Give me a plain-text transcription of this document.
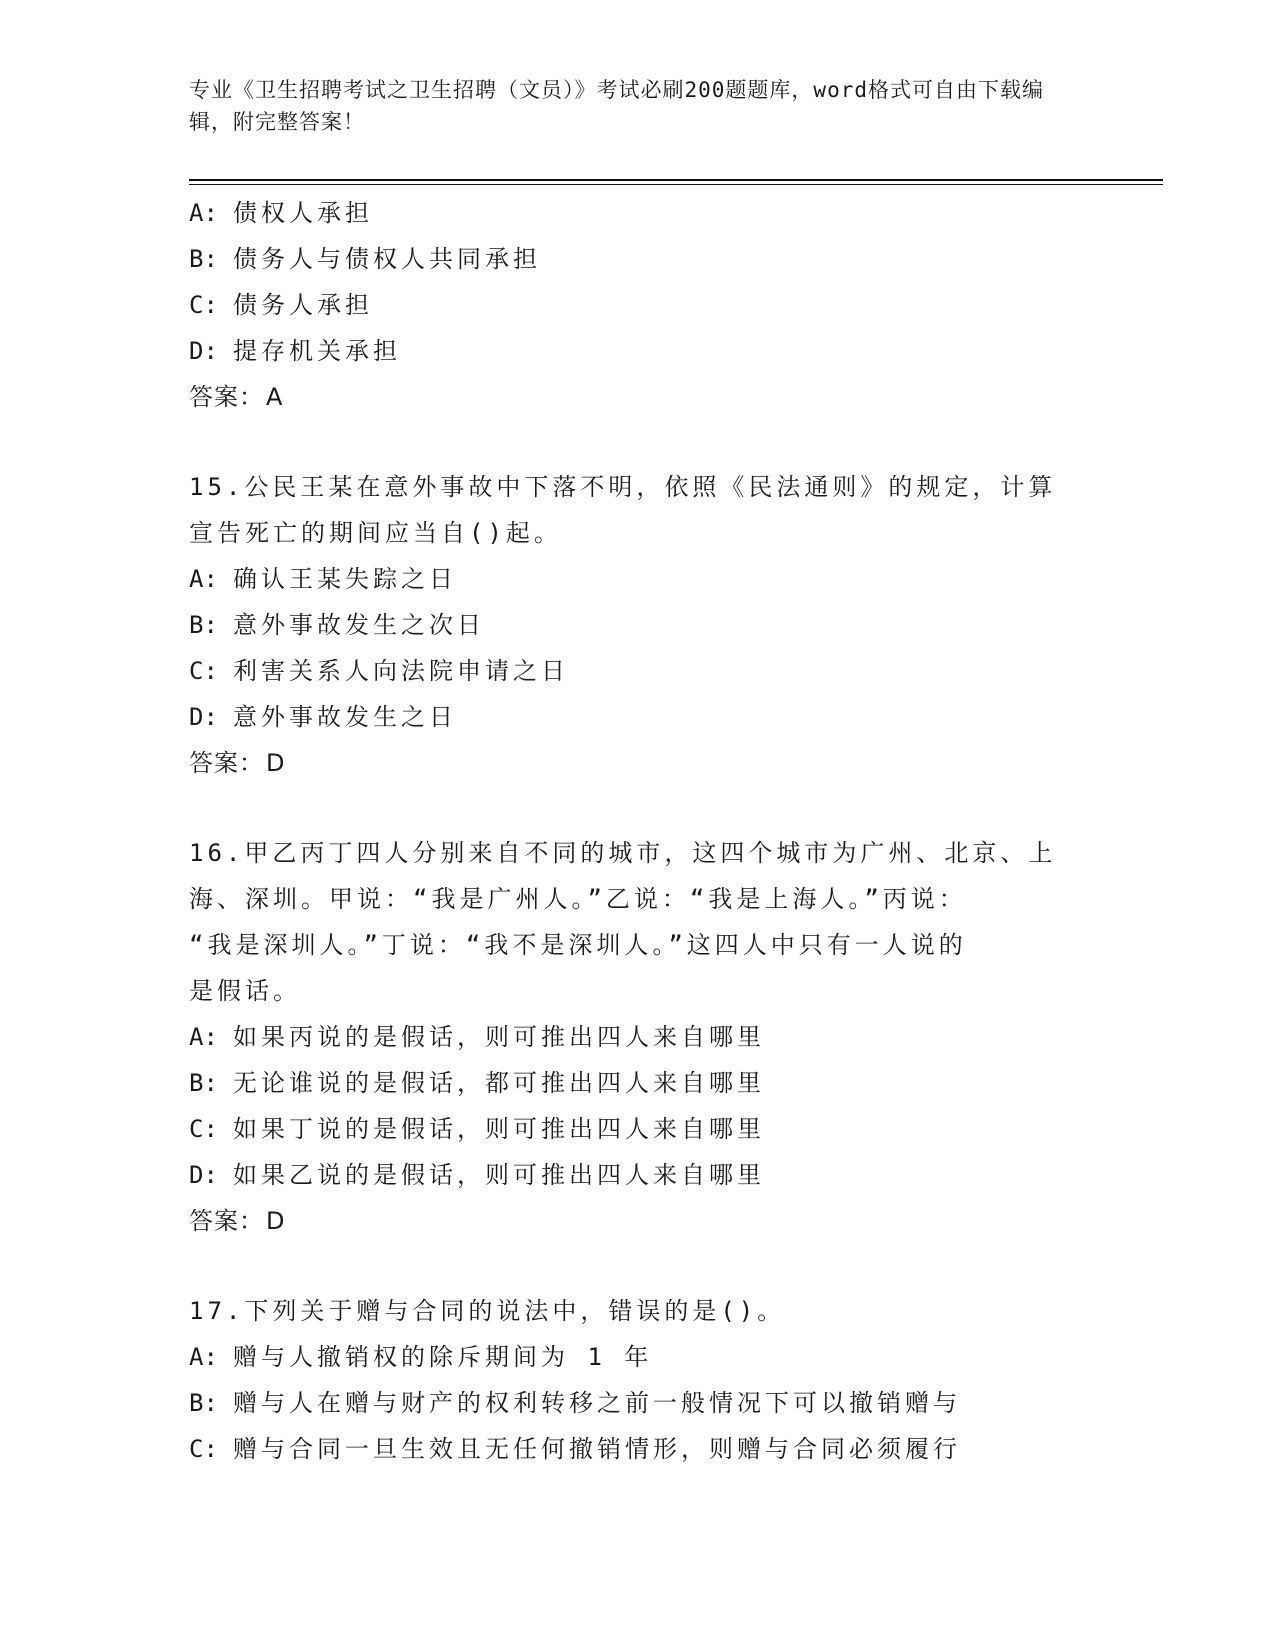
专业《卫生招聘考试之卫生招聘（文员）》考试必刷200题题库，word格式可自由下载编辑，附完整答案！
A: 债权人承担
B: 债务人与债权人共同承担
C: 债务人承担
D: 提存机关承担
答案： A
15.公民王某在意外事故中下落不明，依照《民法通则》的规定，计算
宣告死亡的期间应当自()起。
A: 确认王某失踪之日
B: 意外事故发生之次日
C: 利害关系人向法院申请之日
D: 意外事故发生之日
答案： D
16.甲乙丙丁四人分别来自不同的城市，这四个城市为广州、北京、上
海、深圳。甲说：“我是广州人。”乙说：“我是上海人。”丙说：
“我是深圳人。”丁说：“我不是深圳人。”这四人中只有一人说的
是假话。
A: 如果丙说的是假话，则可推出四人来自哪里
B: 无论谁说的是假话，都可推出四人来自哪里
C: 如果丁说的是假话，则可推出四人来自哪里
D: 如果乙说的是假话，则可推出四人来自哪里
答案： D
17.下列关于赠与合同的说法中，错误的是()。
A: 赠与人撤销权的除斥期间为 1 年
B: 赠与人在赠与财产的权利转移之前一般情况下可以撤销赠与
C: 赠与合同一旦生效且无任何撤销情形，则赠与合同必须履行
